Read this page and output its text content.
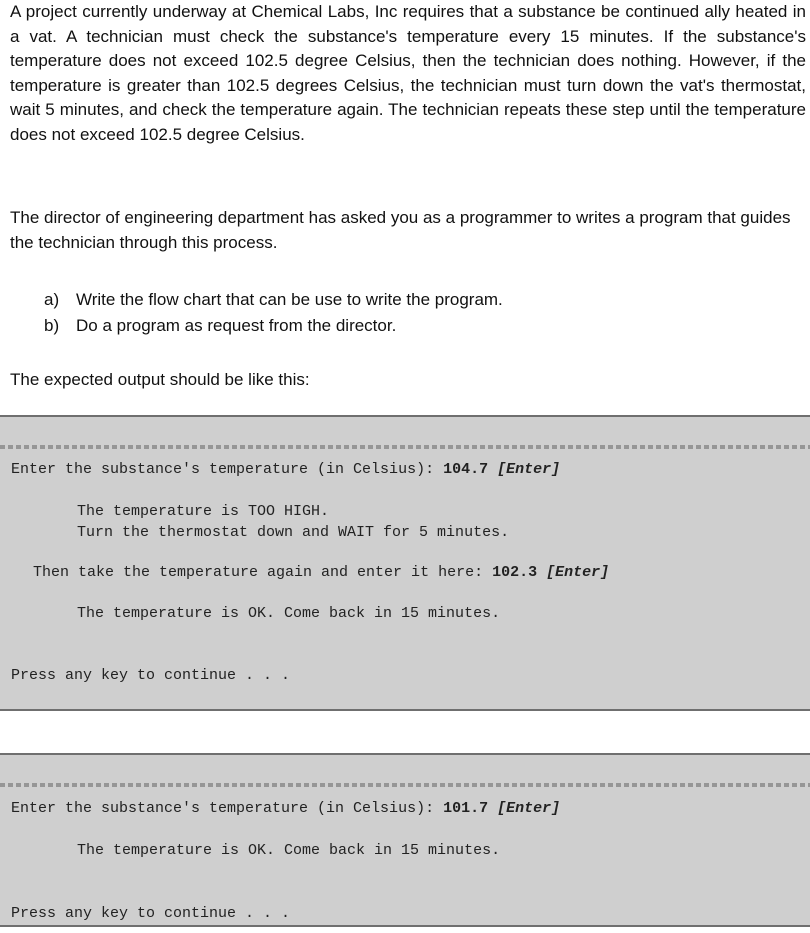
A project currently underway at Chemical Labs, Inc requires that a substance be continued ally heated in a vat. A technician must check the substance's temperature every 15 minutes. If the substance's temperature does not exceed 102.5 degree Celsius, then the technician does nothing. However, if the temperature is greater than 102.5 degrees Celsius, the technician must turn down the vat's thermostat, wait 5 minutes, and check the temperature again. The technician repeats these step until the temperature does not exceed 102.5 degree Celsius.

The director of engineering department has asked you as a programmer to writes a program that guides the technician through this process.

a) Write the flow chart that can be use to write the program.
b) Do a program as request from the director.

The expected output should be like this:

Enter the substance's temperature (in Celsius): 104.7 [Enter]
The temperature is TOO HIGH.
Turn the thermostat down and WAIT for 5 minutes.
Then take the temperature again and enter it here: 102.3 [Enter]
The temperature is OK. Come back in 15 minutes.
Press any key to continue . . .
Enter the substance's temperature (in Celsius): 101.7 [Enter]
The temperature is OK. Come back in 15 minutes.
Press any key to continue . . .
